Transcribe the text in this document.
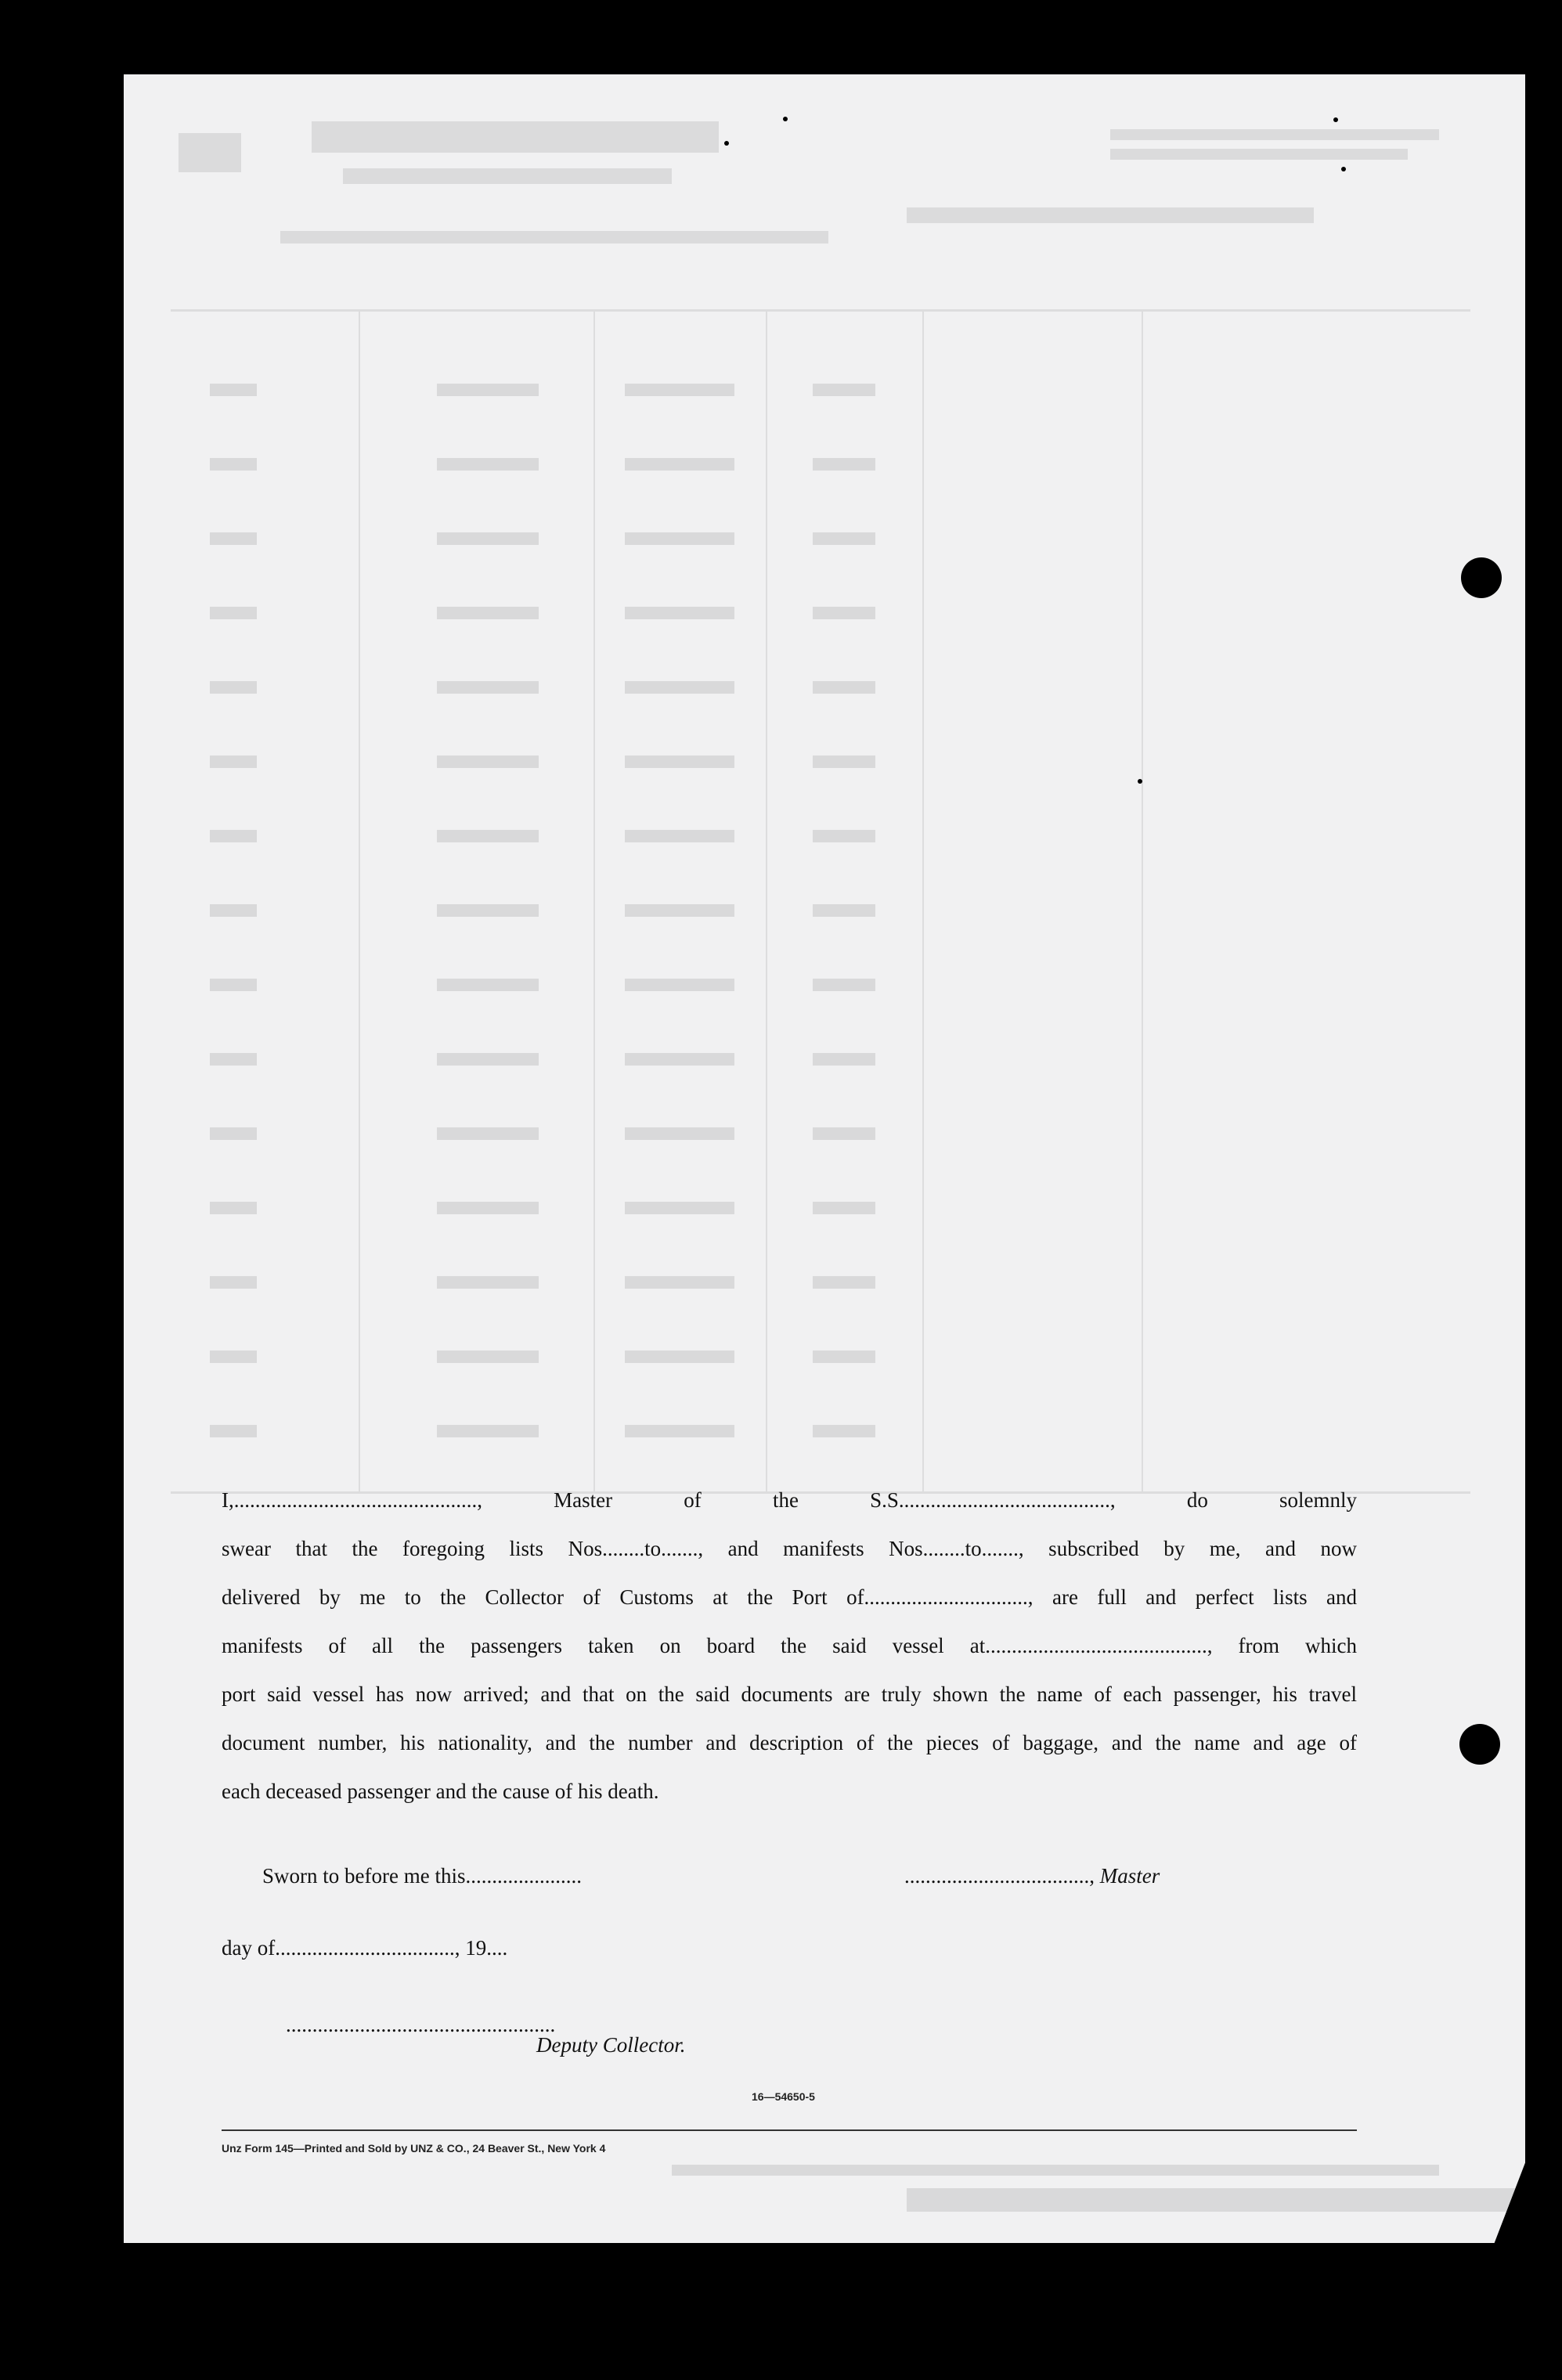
I,.............................................., Master of the S.S........................................, do solemnly
swear that the foregoing lists Nos........to......., and manifests Nos........to......., subscribed by me, and now
delivered by me to the Collector of Customs at the Port of..............................., are full and perfect lists and
manifests of all the passengers taken on board the said vessel at.........................................., from which
port said vessel has now arrived; and that on the said documents are truly shown the name of each passenger, his travel
document number, his nationality, and the number and description of the pieces of baggage, and the name and age of
each deceased passenger and the cause of his death.
Sworn to before me this......................	..................................., Master
day of.................................., 19....
...................................................
Deputy Collector.
16—54650-5
Unz Form 145—Printed and Sold by UNZ & CO., 24 Beaver St., New York 4
